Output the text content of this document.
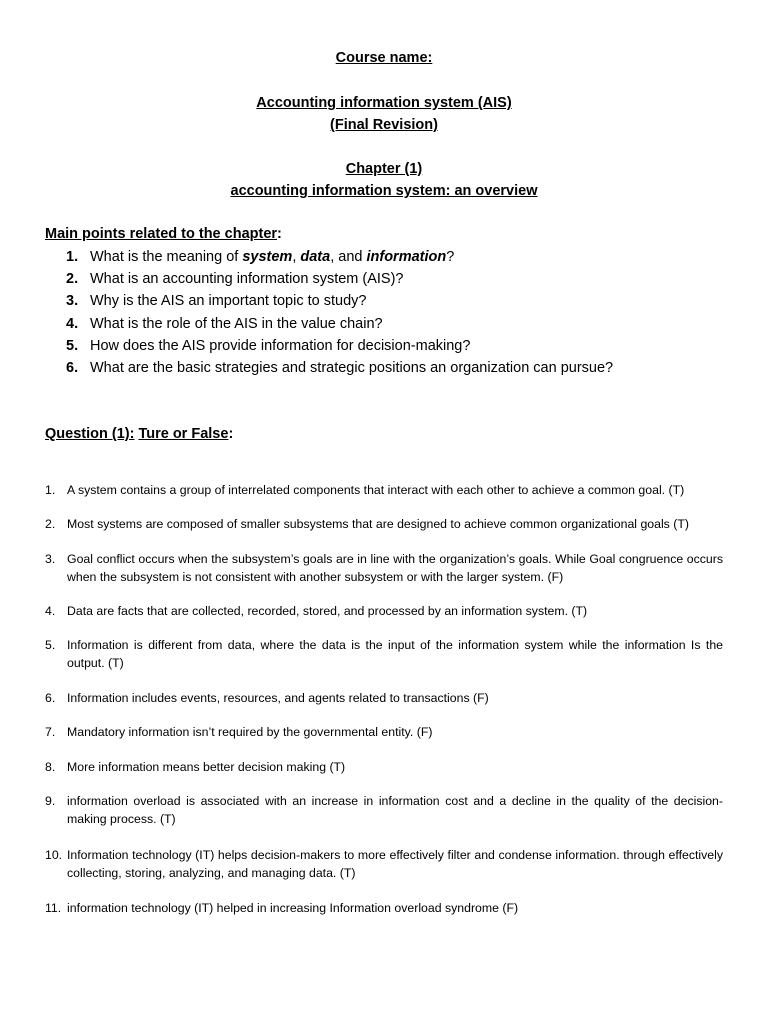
Course name:
Accounting information system (AIS)
(Final Revision)
Chapter (1)
accounting information system: an overview
Main points related to the chapter:
1. What is the meaning of system, data, and information?
2. What is an accounting information system (AIS)?
3. Why is the AIS an important topic to study?
4. What is the role of the AIS in the value chain?
5. How does the AIS provide information for decision-making?
6. What are the basic strategies and strategic positions an organization can pursue?
Question (1): Ture or False:
1. A system contains a group of interrelated components that interact with each other to achieve a common goal. (T)
2. Most systems are composed of smaller subsystems that are designed to achieve common organizational goals (T)
3. Goal conflict occurs when the subsystem’s goals are in line with the organization’s goals. While Goal congruence occurs when the subsystem is not consistent with another subsystem or with the larger system. (F)
4. Data are facts that are collected, recorded, stored, and processed by an information system. (T)
5. Information is different from data, where the data is the input of the information system while the information Is the output. (T)
6. Information includes events, resources, and agents related to transactions (F)
7. Mandatory information isn’t required by the governmental entity. (F)
8. More information means better decision making (T)
9. information overload is associated with an increase in information cost and a decline in the quality of the decision-making process. (T)
10. Information technology (IT) helps decision-makers to more effectively filter and condense information. through effectively collecting, storing, analyzing, and managing data. (T)
11. information technology (IT) helped in increasing Information overload syndrome (F)
